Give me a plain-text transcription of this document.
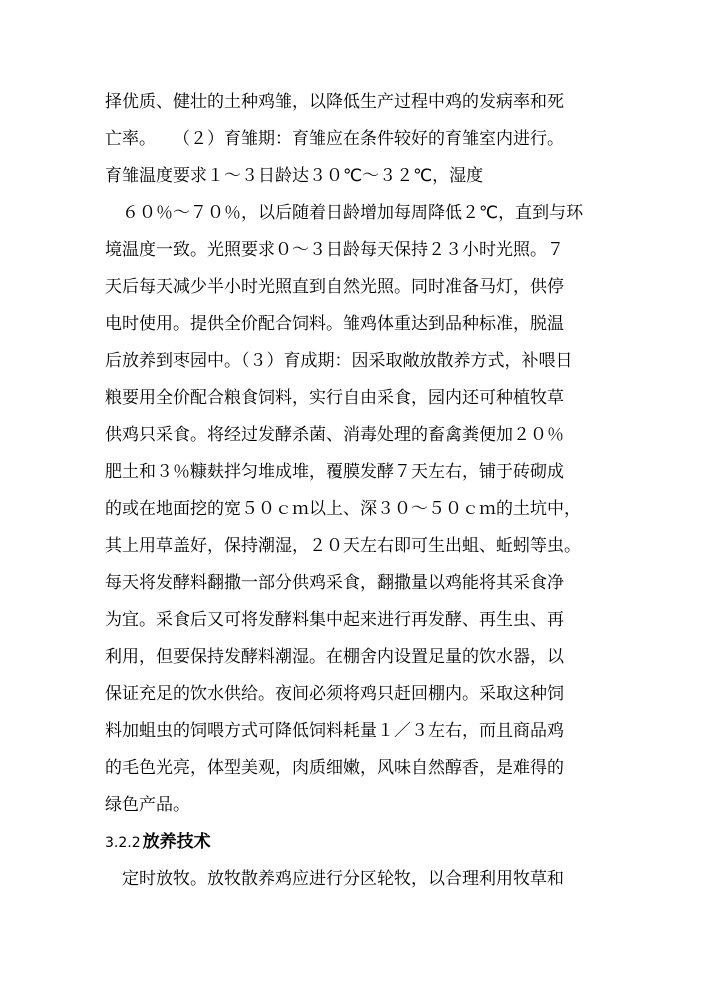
择优质、健壮的土种鸡雏，以降低生产过程中鸡的发病率和死
亡率。　　（２）育雏期：育雏应在条件较好的育雏室内进行。
育雏温度要求１～３日龄达３０℃～３２℃，湿度
　６０％～７０％，以后随着日龄增加每周降低２℃，直到与环
境温度一致。光照要求０～３日龄每天保持２３小时光照。７
天后每天减少半小时光照直到自然光照。同时准备马灯，供停
电时使用。提供全价配合饲料。雏鸡体重达到品种标准，脱温
后放养到枣园中。（３）育成期：因采取敞放散养方式，补喂日
粮要用全价配合粮食饲料，实行自由采食，园内还可种植牧草
供鸡只采食。将经过发酵杀菌、消毒处理的畜禽粪便加２０％
肥土和３％糠麸拌匀堆成堆，覆膜发酵７天左右，铺于砖砌成
的或在地面挖的宽５０ｃｍ以上、深３０～５０ｃｍ的土坑中，
其上用草盖好，保持潮湿，２０天左右即可生出蛆、蚯蚓等虫。
每天将发酵料翻撒一部分供鸡采食，翻撒量以鸡能将其采食净
为宜。采食后又可将发酵料集中起来进行再发酵、再生虫、再
利用，但要保持发酵料潮湿。在棚舍内设置足量的饮水器，以
保证充足的饮水供给。夜间必须将鸡只赶回棚内。采取这种饲
料加蛆虫的饲喂方式可降低饲料耗量１／３左右，而且商品鸡
的毛色光亮，体型美观，肉质细嫩，风味自然醇香，是难得的
绿色产品。
3.2.2 放养技术
　定时放牧。放牧散养鸡应进行分区轮牧，以合理利用牧草和
